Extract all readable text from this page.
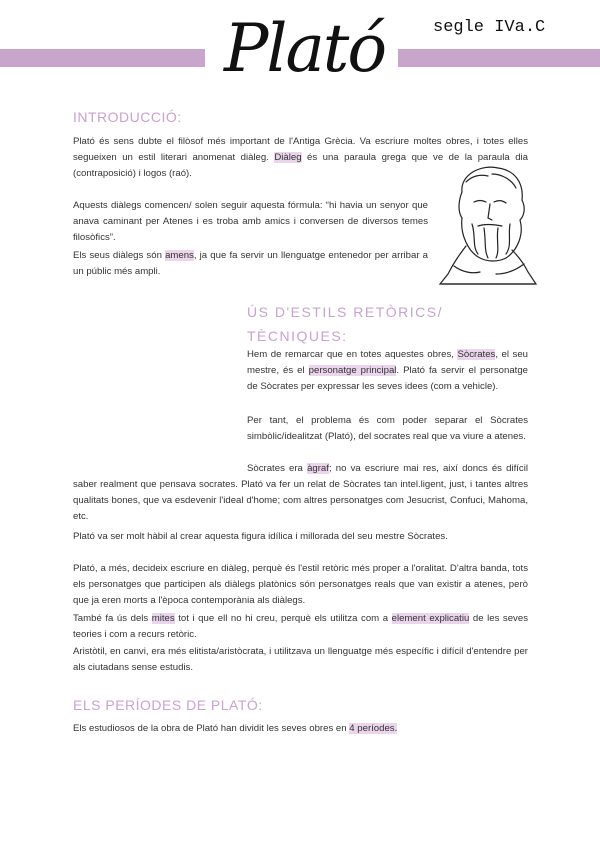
Plató	segle IVa.C
INTRODUCCIÓ:

Plató és sens dubte el filòsof més important de l'Antiga Grècia. Va escriure moltes obres, i totes elles segueixen un estil literari anomenat diàleg. Diàleg és una paraula grega que ve de la paraula dia (contraposició) i logos (raó).

Aquests diàlegs comencen/ solen seguir aquesta fórmula: “hi havia un senyor que anava caminant per Atenes i es troba amb amics i conversen de diversos temes filosòfics”.

Els seus diàlegs són amens, ja que fa servir un llenguatge entenedor per arribar a un públic més ampli.

ÚS D'ESTILS RETÒRICS/ TÈCNIQUES:

Hem de remarcar que en totes aquestes obres, Sòcrates, el seu mestre, és el personatge principal. Plató fa servir el personatge de Sòcrates per expressar les seves idees (com a vehicle).

Per tant, el problema és com poder separar el Sòcrates simbòlic/idealitzat (Plató), del socrates real que va viure a atenes.

Sòcrates era àgraf; no va escriure mai res, així doncs és difícil saber realment que pensava socrates. Plató va fer un relat de Sòcrates tan intel.ligent, just, i tantes altres qualitats bones, que va esdevenir l'ideal d'home; com altres personatges com Jesucrist, Confuci, Mahoma, etc.

Plató va ser molt hàbil al crear aquesta figura idílica i millorada del seu mestre Sòcrates.

Plató, a més, decideix escriure en diàleg, perquè és l'estil retòric més proper a l'oralitat. D'altra banda, tots els personatges que participen als diàlegs platònics són personatges reals que van existir a atenes, però que ja eren morts a l'època contemporània als diàlegs.

També fa ús dels mites tot i que ell no hi creu, perquè els utilitza com a element explicatiu de les seves teories i com a recurs retòric.

Aristòtil, en canvi, era més elitista/aristòcrata, i utilitzava un llenguatge més específic i difícil d'entendre per als ciutadans sense estudis.

ELS PERÍODES DE PLATÓ:

Els estudiosos de la obra de Plató han dividit les seves obres en 4 períodes.
